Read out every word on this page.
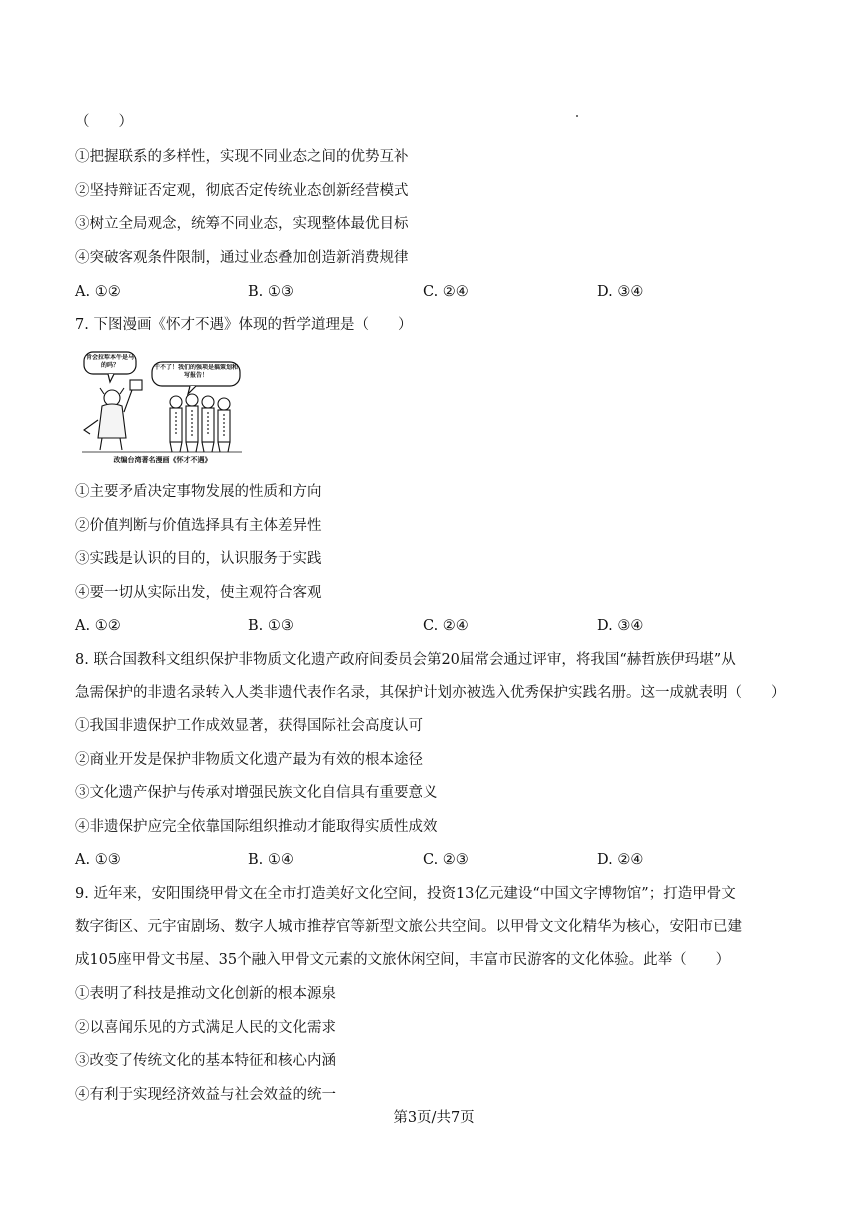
（　　）
①把握联系的多样性，实现不同业态之间的优势互补
②坚持辩证否定观，彻底否定传统业态创新经营模式
③树立全局观念，统筹不同业态，实现整体最优目标
④突破客观条件限制，通过业态叠加创造新消费规律
A. ①②	B. ①③	C. ②④	D. ③④
7. 下图漫画《怀才不遇》体现的哲学道理是（　　）
肯会拉犁本牛是马的吗？	干不了！我们的强项是搞策划和写报告！
改编台湾著名漫画《怀才不遇》
①主要矛盾决定事物发展的性质和方向
②价值判断与价值选择具有主体差异性
③实践是认识的目的，认识服务于实践
④要一切从实际出发，使主观符合客观
A. ①②	B. ①③	C. ②④	D. ③④
8. 联合国教科文组织保护非物质文化遗产政府间委员会第20届常会通过评审，将我国“赫哲族伊玛堪”从
急需保护的非遗名录转入人类非遗代表作名录，其保护计划亦被选入优秀保护实践名册。这一成就表明（　　）
①我国非遗保护工作成效显著，获得国际社会高度认可
②商业开发是保护非物质文化遗产最为有效的根本途径
③文化遗产保护与传承对增强民族文化自信具有重要意义
④非遗保护应完全依靠国际组织推动才能取得实质性成效
A. ①③	B. ①④	C. ②③	D. ②④
9. 近年来，安阳围绕甲骨文在全市打造美好文化空间，投资13亿元建设“中国文字博物馆”；打造甲骨文
数字街区、元宇宙剧场、数字人城市推荐官等新型文旅公共空间。以甲骨文文化精华为核心，安阳市已建
成105座甲骨文书屋、35个融入甲骨文元素的文旅休闲空间，丰富市民游客的文化体验。此举（　　）
①表明了科技是推动文化创新的根本源泉
②以喜闻乐见的方式满足人民的文化需求
③改变了传统文化的基本特征和核心内涵
④有利于实现经济效益与社会效益的统一
第3页/共7页
